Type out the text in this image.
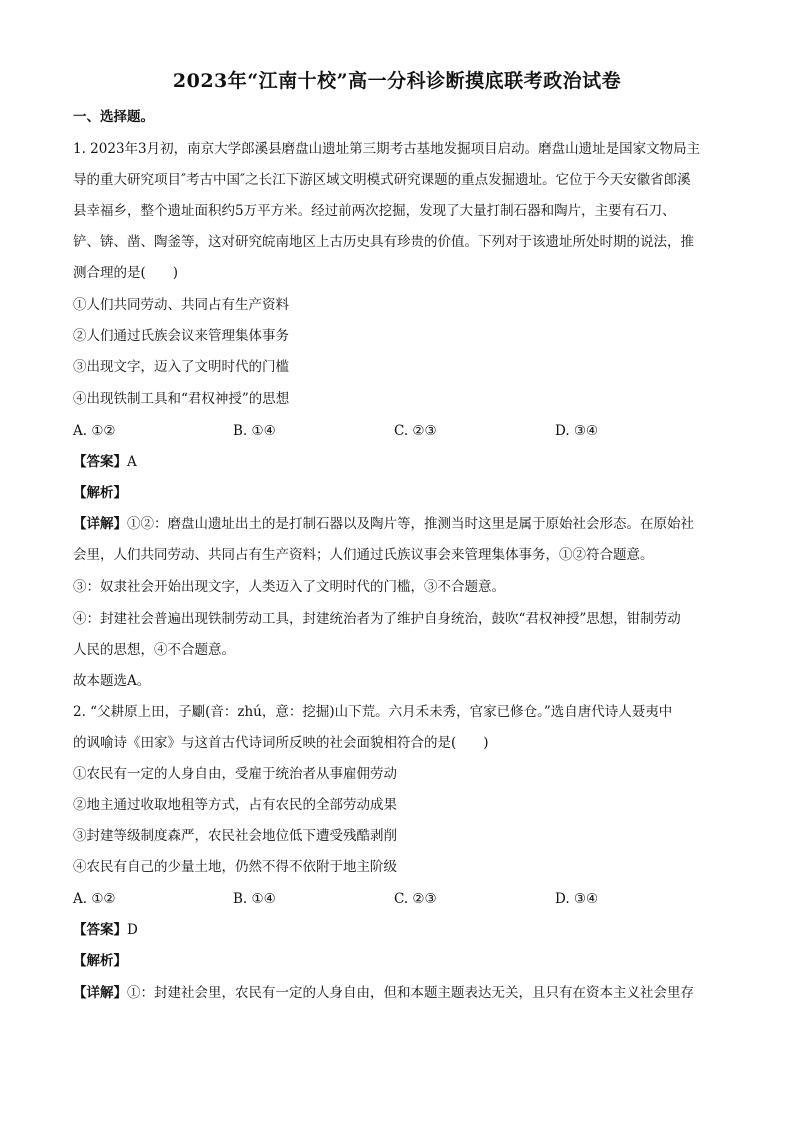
2023年“江南十校”高一分科诊断摸底联考政治试卷
一、选择题。
1. 2023年3月初，南京大学郎溪县磨盘山遗址第三期考古基地发掘项目启动。磨盘山遗址是国家文物局主
导的重大研究项目″考古中国″之长江下游区域文明模式研究课题的重点发掘遗址。它位于今天安徽省郎溪
县幸福乡，整个遗址面积约5万平方米。经过前两次挖掘，发现了大量打制石器和陶片，主要有石刀、
铲、锛、凿、陶釜等，这对研究皖南地区上古历史具有珍贵的价值。下列对于该遗址所处时期的说法，推
测合理的是(　　)
①人们共同劳动、共同占有生产资料
②人们通过氏族会议来管理集体事务
③出现文字，迈入了文明时代的门槛
④出现铁制工具和“君权神授”的思想
A. ①②	B. ①④	C. ②③	D. ③④
【答案】A
【解析】
【详解】①②：磨盘山遗址出土的是打制石器以及陶片等，推测当时这里是属于原始社会形态。在原始社
会里，人们共同劳动、共同占有生产资料；人们通过氏族议事会来管理集体事务，①②符合题意。
③：奴隶社会开始出现文字，人类迈入了文明时代的门槛，③不合题意。
④：封建社会普遍出现铁制劳动工具，封建统治者为了维护自身统治，鼓吹“君权神授”思想，钳制劳动
人民的思想，④不合题意。
故本题选A。
2. “父耕原上田，子劚(音：zhú，意：挖掘)山下荒。六月禾未秀，官家已修仓。”选自唐代诗人聂夷中
的讽喻诗《田家》与这首古代诗词所反映的社会面貌相符合的是(　　)
①农民有一定的人身自由，受雇于统治者从事雇佣劳动
②地主通过收取地租等方式，占有农民的全部劳动成果
③封建等级制度森严，农民社会地位低下遭受残酷剥削
④农民有自己的少量土地，仍然不得不依附于地主阶级
A. ①②	B. ①④	C. ②③	D. ③④
【答案】D
【解析】
【详解】①：封建社会里，农民有一定的人身自由，但和本题主题表达无关，且只有在资本主义社会里存
